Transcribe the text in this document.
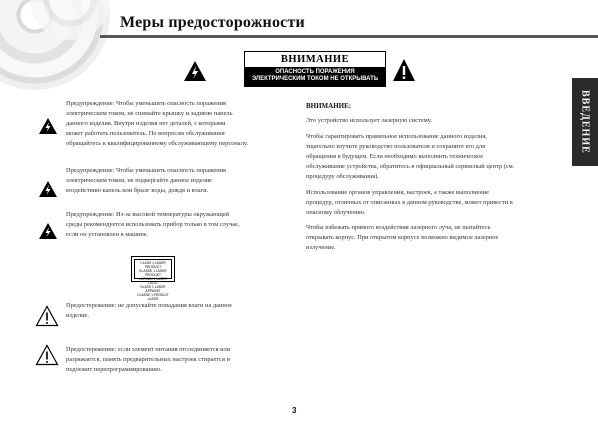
Меры предосторожности
ВНИМАНИЕ
ОПАСНОСТЬ ПОРАЖЕНИЯ
ЭЛЕКТРИЧЕСКИМ ТОКОМ НЕ ОТКРЫВАТЬ
ВВЕДЕНИЕ
Предупреждение: Чтобы уменьшить опасность поражения
электрическим током, не снимайте крышку и заднюю панель
данного изделия. Внутри изделия нет деталей, с которыми
может работать пользователь. По вопросам обслуживания
обращайтесь к квалифицированному обслуживающему персоналу.
Предупреждение: Чтобы уменьшить опасность поражения
электрическим током, не подвергайте данное изделие
воздействию капель или брызг воды, дождя и влаги.
Предупреждение: Из-за высокой температуры окружающей
среды рекомендуется использовать прибор только в том случае,
если он установлен в машине.
CLASS 1 LASER PRODUCT
KLASSE 1 LASER PRODUKT
LUOKAN 1 LASER LAITE
KLASS 1 LASER APPARAT
CLASSE 1 PRODUIT LASER
Предостережение: не допускайте попадания влаги на данное
изделие.
Предостережение: если элемент питания отсоединяется или
разряжается, память предварительных настроек стирается и
подлежит перепрограммированию.
ВНИМАНИЕ:
Это устройство использует лазерную систему.
Чтобы гарантировать правильное использование данного изделия,
тщательно изучите руководство пользователя и сохраните его для
обращения в будущем. Если необходимо выполнить техническое
обслуживание устройства, обратитесь в официальный сервисный центр (см.
процедуру обслуживания).
Использование органов управления, настроек, а также выполнение
процедур, отличных от описанных в данном руководстве, может привести к
опасному облучению.
Чтобы избежать прямого воздействия лазерного луча, не пытайтесь
открывать корпус. При открытом корпусе возможно видимое лазерное
излучение.
3
